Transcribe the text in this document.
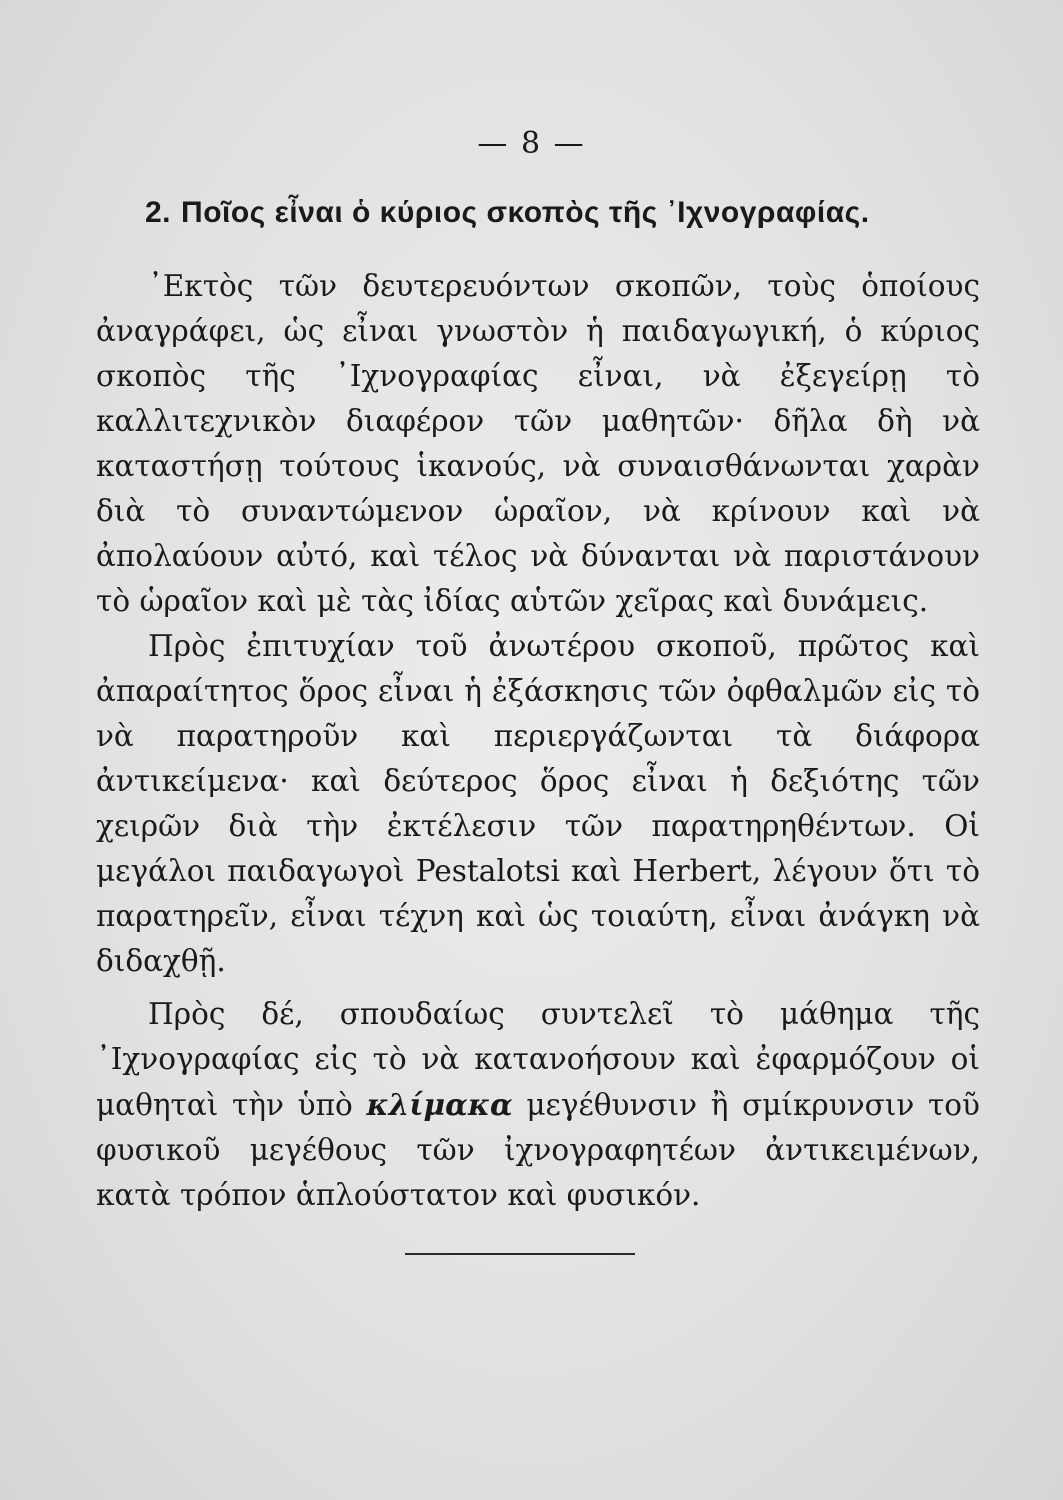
— 8 —
2. Ποῖος εἶναι ὁ κύριος σκοπὸς τῆς ᾿Ιχνογραφίας.

᾿Εκτὸς τῶν δευτερευόντων σκοπῶν, τοὺς ὁποίους ἀναγράφει, ὡς εἶναι γνωστὸν ἡ παιδαγωγική, ὁ κύριος σκοπὸς τῆς ᾿Ιχνογραφίας εἶναι, νὰ ἐξεγείρῃ τὸ καλλιτεχνικὸν διαφέρον τῶν μαθητῶν· δῆλα δὴ νὰ καταστήσῃ τούτους ἱκανούς, νὰ συναισθάνωνται χαρὰν διὰ τὸ συναντώμενον ὡραῖον, νὰ κρίνουν καὶ νὰ ἀπολαύουν αὐτό, καὶ τέλος νὰ δύνανται νὰ παριστάνουν τὸ ὡραῖον καὶ μὲ τὰς ἰδίας αὑτῶν χεῖρας καὶ δυνάμεις.

Πρὸς ἐπιτυχίαν τοῦ ἀνωτέρου σκοποῦ, πρῶτος καὶ ἀπαραίτητος ὅρος εἶναι ἡ ἐξάσκησις τῶν ὀφθαλμῶν εἰς τὸ νὰ παρατηροῦν καὶ περιεργάζωνται τὰ διάφορα ἀντικείμενα· καὶ δεύτερος ὅρος εἶναι ἡ δεξιότης τῶν χειρῶν διὰ τὴν ἐκτέλεσιν τῶν παρατηρηθέντων. Οἱ μεγάλοι παιδαγωγοὶ Pestalotsi καὶ Herbert, λέγουν ὅτι τὸ παρατηρεῖν, εἶναι τέχνη καὶ ὡς τοιαύτη, εἶναι ἀνάγκη νὰ διδαχθῇ.

Πρὸς δέ, σπουδαίως συντελεῖ τὸ μάθημα τῆς ᾿Ιχνογραφίας εἰς τὸ νὰ κατανοήσουν καὶ ἐφαρμόζουν οἱ μαθηταὶ τὴν ὑπὸ κλίμακα μεγέθυνσιν ἢ σμίκρυνσιν τοῦ φυσικοῦ μεγέθους τῶν ἰχνογραφητέων ἀντικειμένων, κατὰ τρόπον ἁπλούστατον καὶ φυσικόν.
